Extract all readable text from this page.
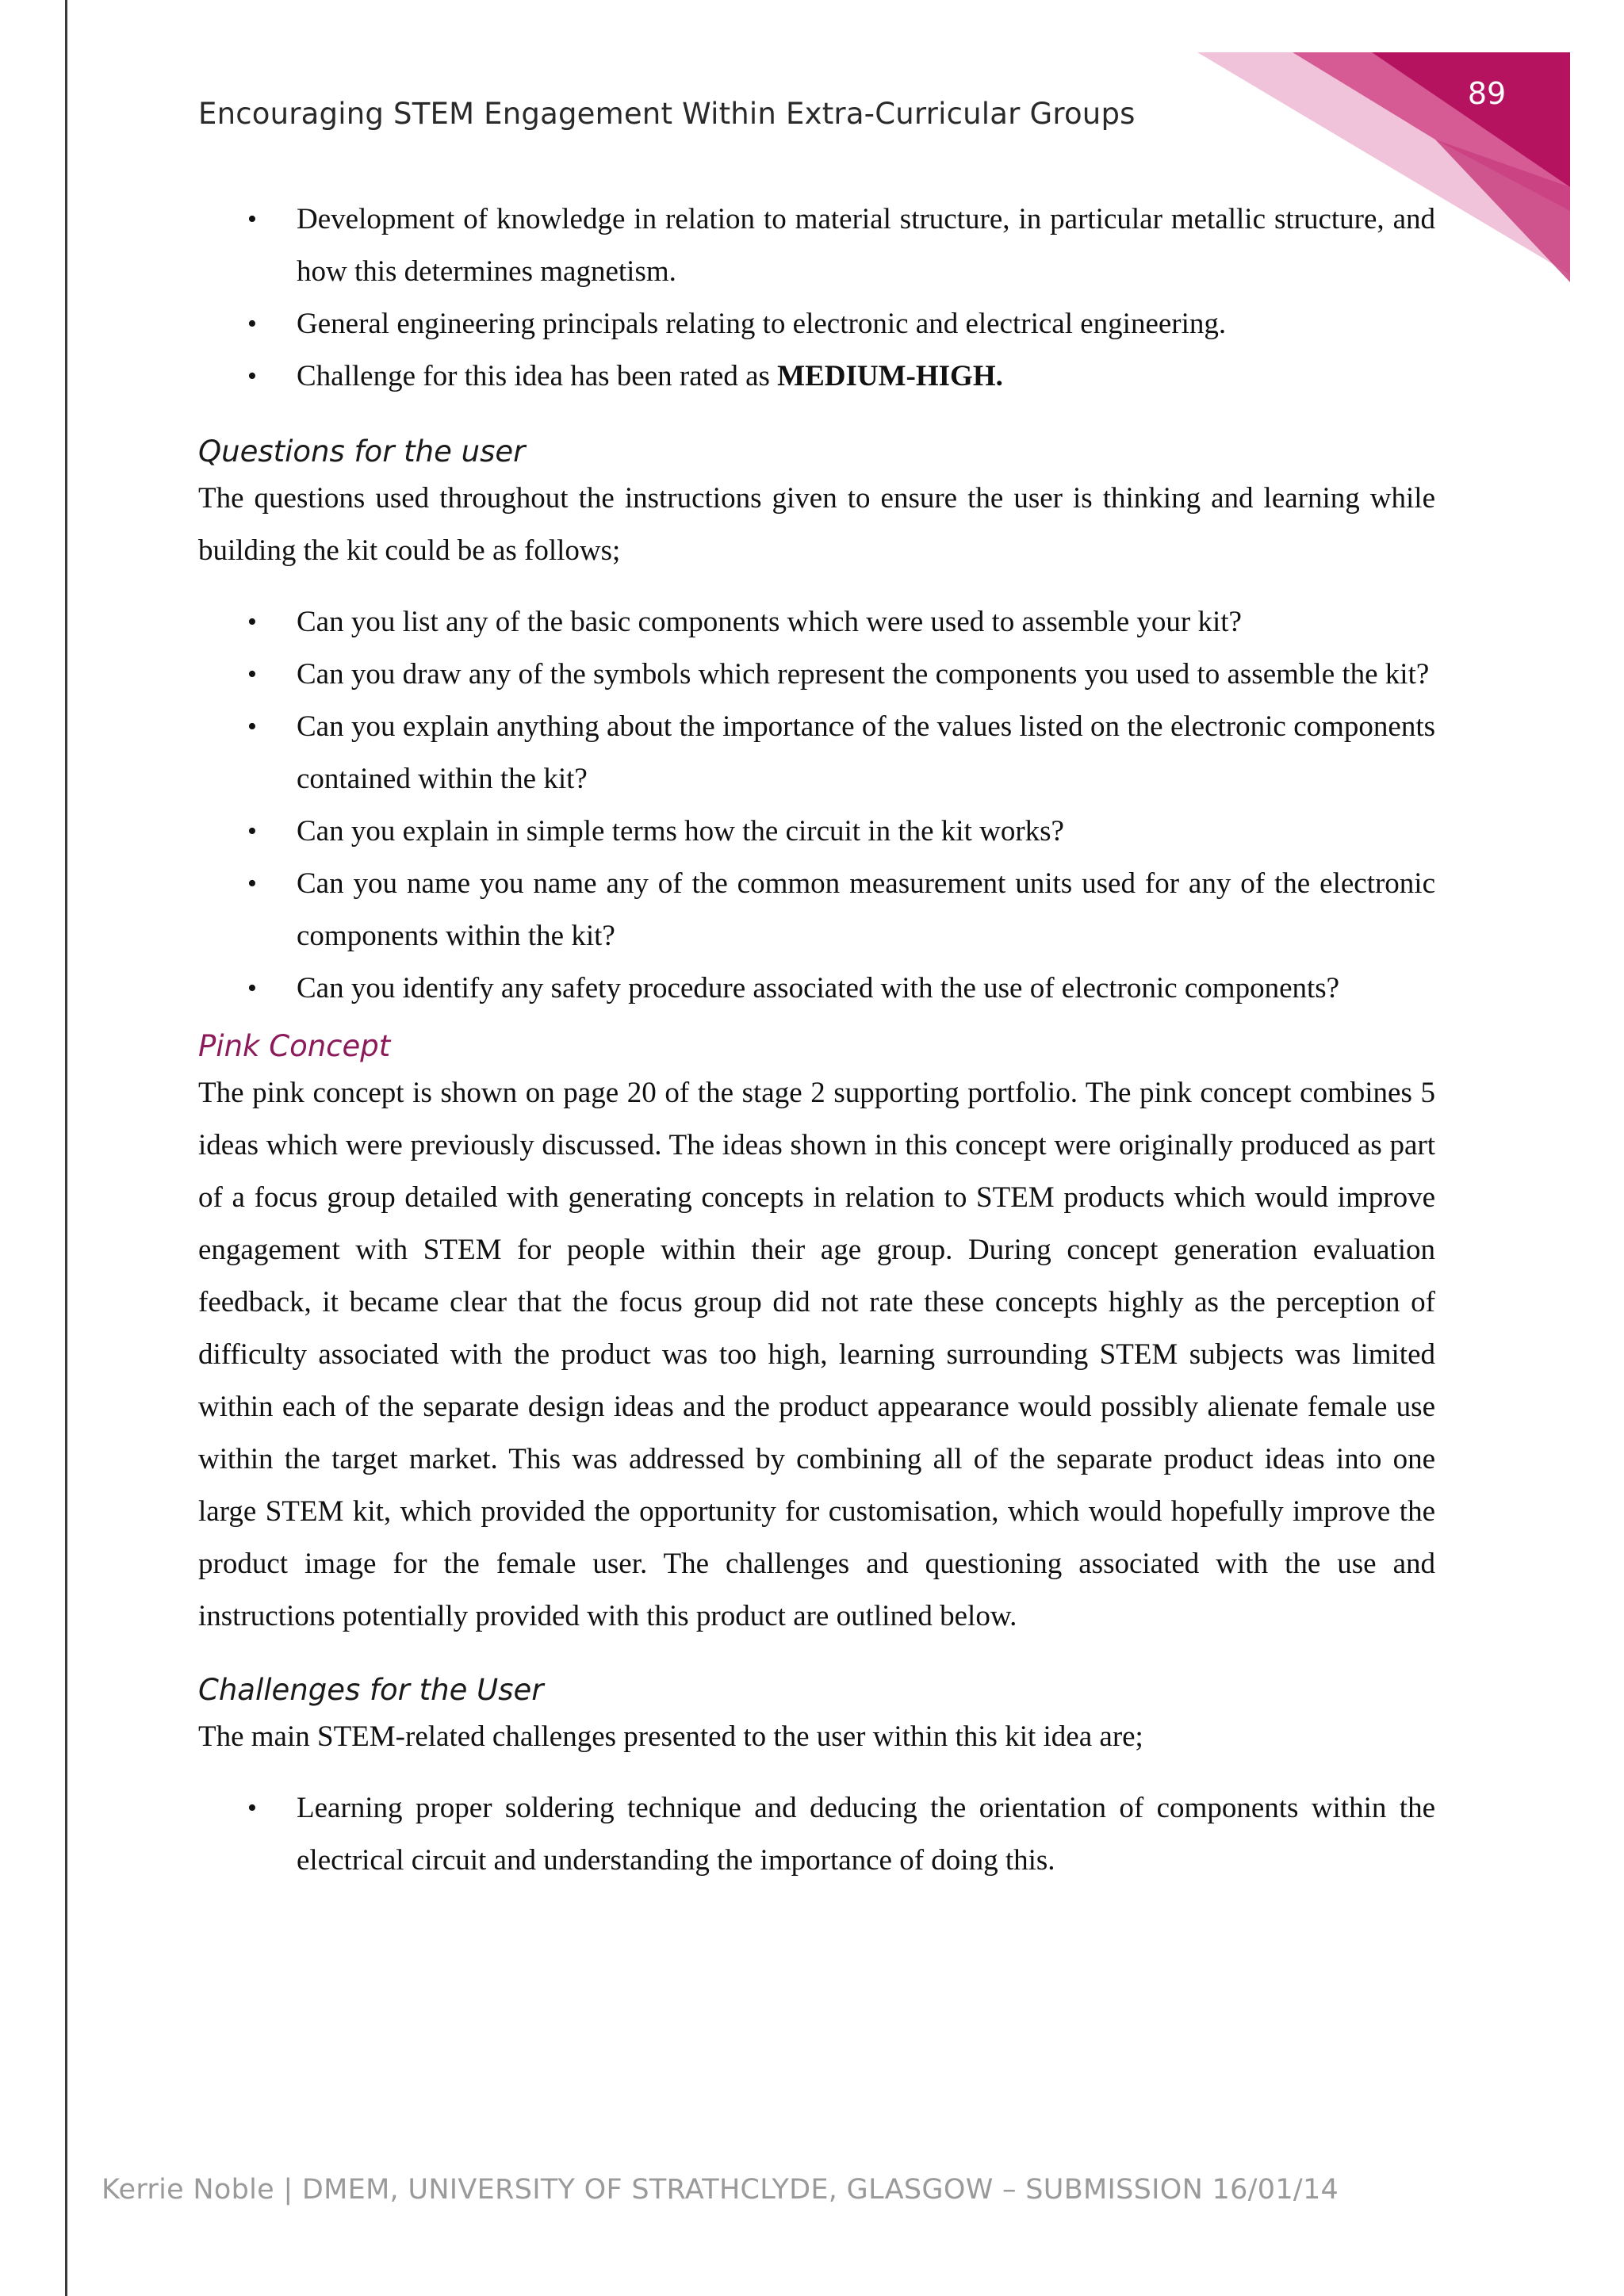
89
Encouraging STEM Engagement Within Extra-Curricular Groups
• Development of knowledge in relation to material structure, in particular metallic structure, and how this determines magnetism.
• General engineering principals relating to electronic and electrical engineering.
• Challenge for this idea has been rated as MEDIUM-HIGH.
Questions for the user

The questions used throughout the instructions given to ensure the user is thinking and learning while building the kit could be as follows;

• Can you list any of the basic components which were used to assemble your kit?
• Can you draw any of the symbols which represent the components you used to assemble the kit?
• Can you explain anything about the importance of the values listed on the electronic components contained within the kit?
• Can you explain in simple terms how the circuit in the kit works?
• Can you name you name any of the common measurement units used for any of the electronic components within the kit?
• Can you identify any safety procedure associated with the use of electronic components?
Pink Concept

The pink concept is shown on page 20 of the stage 2 supporting portfolio. The pink concept combines 5 ideas which were previously discussed. The ideas shown in this concept were originally produced as part of a focus group detailed with generating concepts in relation to STEM products which would improve engagement with STEM for people within their age group. During concept generation evaluation feedback, it became clear that the focus group did not rate these concepts highly as the perception of difficulty associated with the product was too high, learning surrounding STEM subjects was limited within each of the separate design ideas and the product appearance would possibly alienate female use within the target market. This was addressed by combining all of the separate product ideas into one large STEM kit, which provided the opportunity for customisation, which would hopefully improve the product image for the female user. The challenges and questioning associated with the use and instructions potentially provided with this product are outlined below.

Challenges for the User

The main STEM-related challenges presented to the user within this kit idea are;

• Learning proper soldering technique and deducing the orientation of components within the electrical circuit and understanding the importance of doing this.
Kerrie Noble | DMEM, UNIVERSITY OF STRATHCLYDE, GLASGOW – SUBMISSION 16/01/14
